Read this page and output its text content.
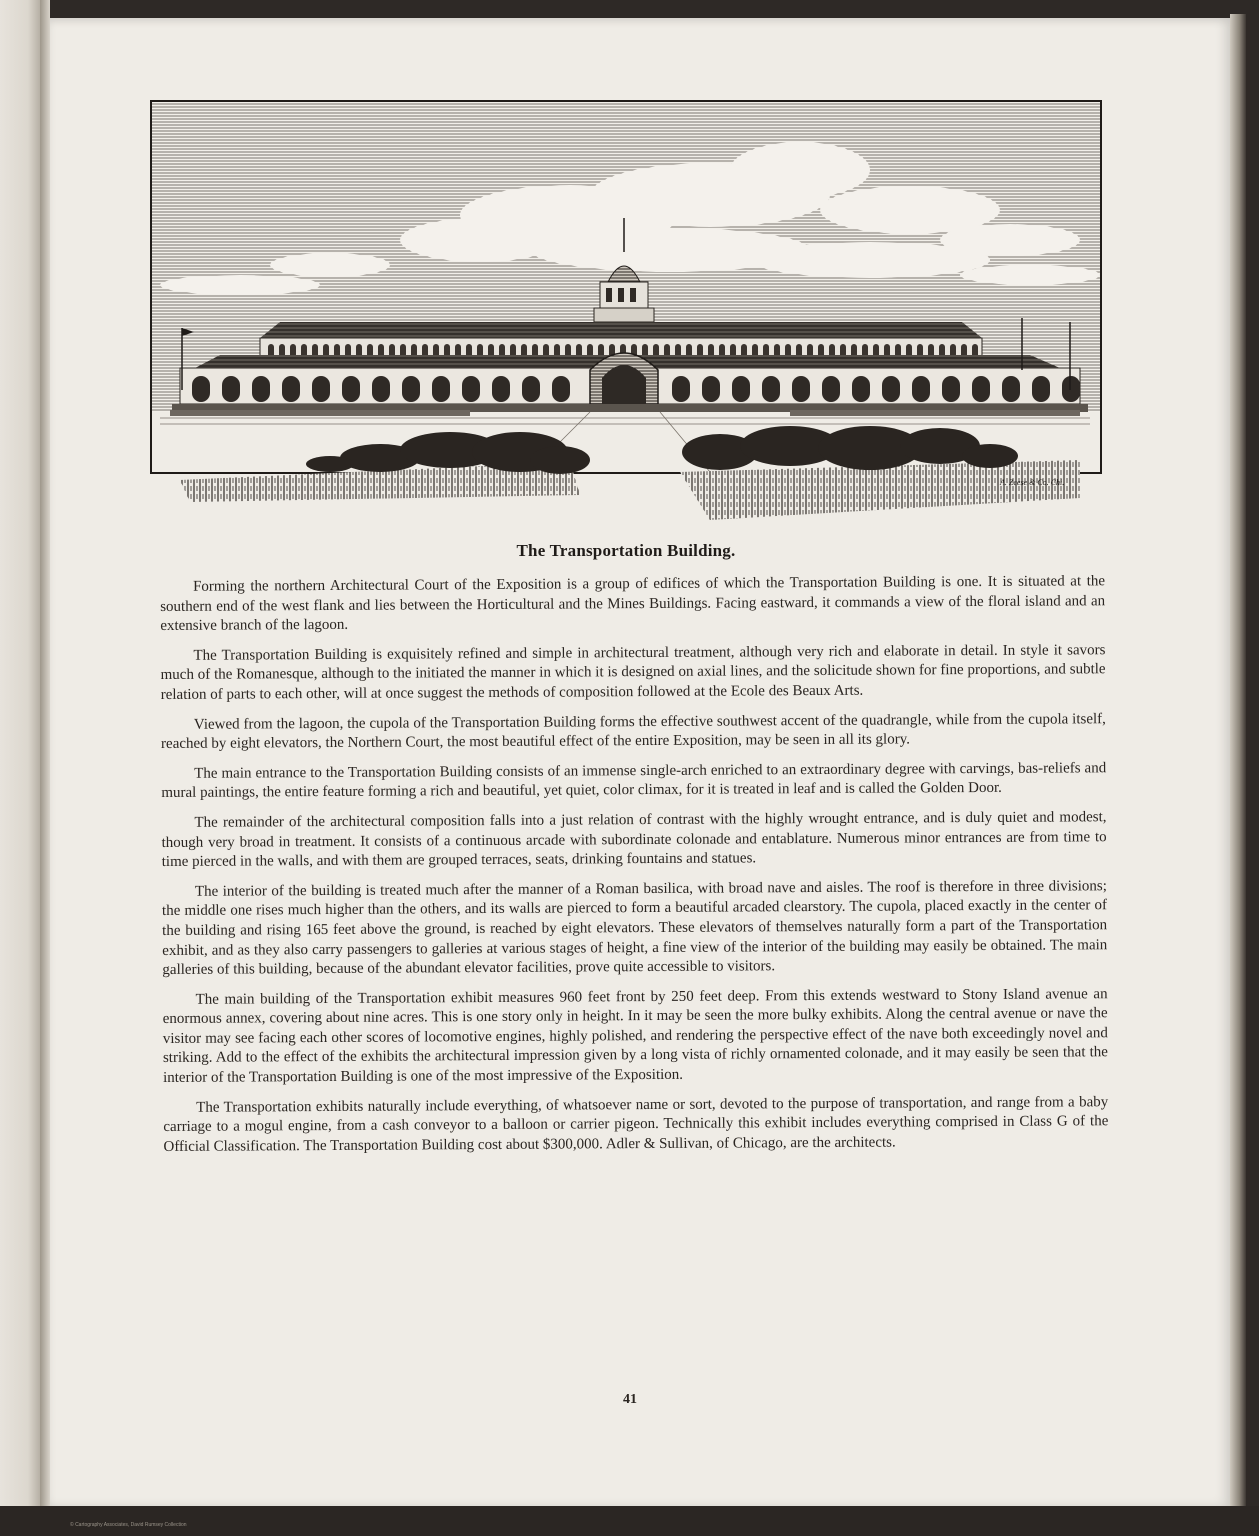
© Cartography Associates, David Rumsey Collection
A. Zeese & Co. Chi.
The Transportation Building.

Forming the northern Architectural Court of the Exposition is a group of edifices of which the Transportation Building is one. It is situated at the southern end of the west flank and lies between the Horticultural and the Mines Buildings. Facing eastward, it commands a view of the floral island and an extensive branch of the lagoon.

The Transportation Building is exquisitely refined and simple in architectural treatment, although very rich and elaborate in detail. In style it savors much of the Romanesque, although to the initiated the manner in which it is designed on axial lines, and the solicitude shown for fine proportions, and subtle relation of parts to each other, will at once suggest the methods of composition followed at the Ecole des Beaux Arts.

Viewed from the lagoon, the cupola of the Transportation Building forms the effective southwest accent of the quadrangle, while from the cupola itself, reached by eight elevators, the Northern Court, the most beautiful effect of the entire Exposition, may be seen in all its glory.

The main entrance to the Transportation Building consists of an immense single-arch enriched to an extraordinary degree with carvings, bas-reliefs and mural paintings, the entire feature forming a rich and beautiful, yet quiet, color climax, for it is treated in leaf and is called the Golden Door.

The remainder of the architectural composition falls into a just relation of contrast with the highly wrought entrance, and is duly quiet and modest, though very broad in treatment. It consists of a continuous arcade with subordinate colonade and entablature. Numerous minor entrances are from time to time pierced in the walls, and with them are grouped terraces, seats, drinking fountains and statues.

The interior of the building is treated much after the manner of a Roman basilica, with broad nave and aisles. The roof is therefore in three divisions; the middle one rises much higher than the others, and its walls are pierced to form a beautiful arcaded clearstory. The cupola, placed exactly in the center of the building and rising 165 feet above the ground, is reached by eight elevators. These elevators of themselves naturally form a part of the Transportation exhibit, and as they also carry passengers to galleries at various stages of height, a fine view of the interior of the building may easily be obtained. The main galleries of this building, because of the abundant elevator facilities, prove quite accessible to visitors.

The main building of the Transportation exhibit measures 960 feet front by 250 feet deep. From this extends westward to Stony Island avenue an enormous annex, covering about nine acres. This is one story only in height. In it may be seen the more bulky exhibits. Along the central avenue or nave the visitor may see facing each other scores of locomotive engines, highly polished, and rendering the perspective effect of the nave both exceedingly novel and striking. Add to the effect of the exhibits the architectural impression given by a long vista of richly ornamented colonade, and it may easily be seen that the interior of the Transportation Building is one of the most impressive of the Exposition.

The Transportation exhibits naturally include everything, of whatsoever name or sort, devoted to the purpose of transportation, and range from a baby carriage to a mogul engine, from a cash conveyor to a balloon or carrier pigeon. Technically this exhibit includes everything comprised in Class G of the Official Classification. The Transportation Building cost about $300,000. Adler & Sullivan, of Chicago, are the architects.

41
